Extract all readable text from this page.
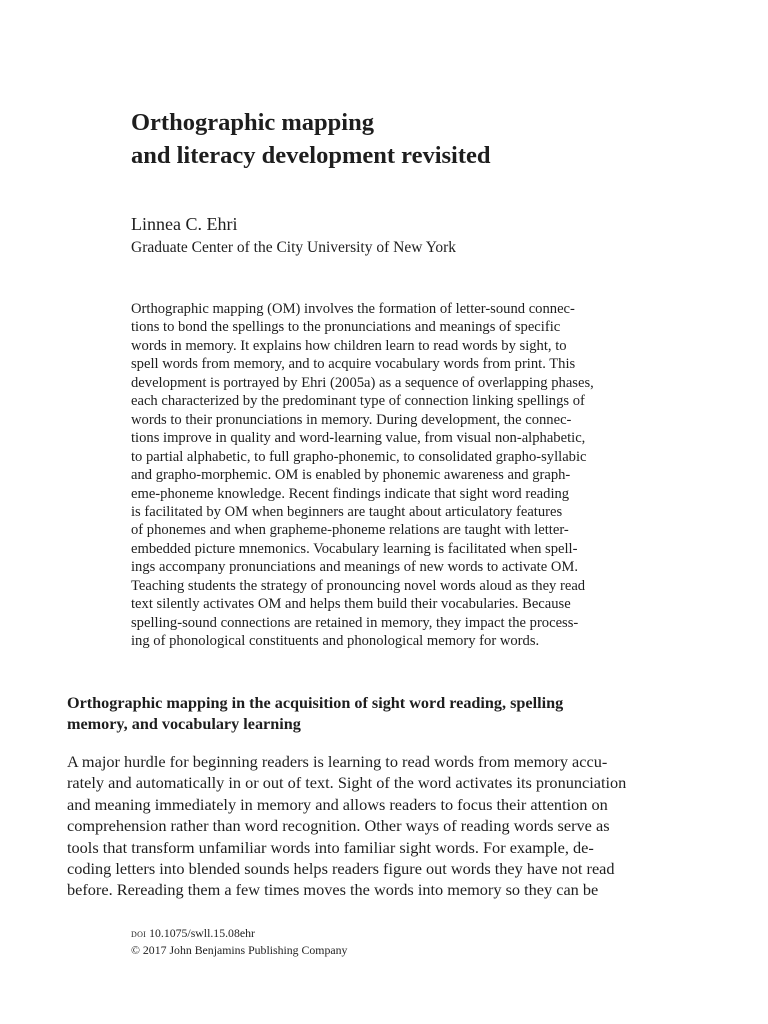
Orthographic mapping
and literacy development revisited
Linnea C. Ehri
Graduate Center of the City University of New York
Orthographic mapping (OM) involves the formation of letter-sound connec-
tions to bond the spellings to the pronunciations and meanings of specific
words in memory. It explains how children learn to read words by sight, to
spell words from memory, and to acquire vocabulary words from print. This
development is portrayed by Ehri (2005a) as a sequence of overlapping phases,
each characterized by the predominant type of connection linking spellings of
words to their pronunciations in memory. During development, the connec-
tions improve in quality and word-learning value, from visual non-alphabetic,
to partial alphabetic, to full grapho-phonemic, to consolidated grapho-syllabic
and grapho-morphemic. OM is enabled by phonemic awareness and graph-
eme-phoneme knowledge. Recent findings indicate that sight word reading
is facilitated by OM when beginners are taught about articulatory features
of phonemes and when grapheme-phoneme relations are taught with letter-
embedded picture mnemonics. Vocabulary learning is facilitated when spell-
ings accompany pronunciations and meanings of new words to activate OM.
Teaching students the strategy of pronouncing novel words aloud as they read
text silently activates OM and helps them build their vocabularies. Because
spelling-sound connections are retained in memory, they impact the process-
ing of phonological constituents and phonological memory for words.
Orthographic mapping in the acquisition of sight word reading, spelling
memory, and vocabulary learning
A major hurdle for beginning readers is learning to read words from memory accu-
rately and automatically in or out of text. Sight of the word activates its pronunciation
and meaning immediately in memory and allows readers to focus their attention on
comprehension rather than word recognition. Other ways of reading words serve as
tools that transform unfamiliar words into familiar sight words. For example, de-
coding letters into blended sounds helps readers figure out words they have not read
before. Rereading them a few times moves the words into memory so they can be
doi 10.1075/swll.15.08ehr
© 2017 John Benjamins Publishing Company
